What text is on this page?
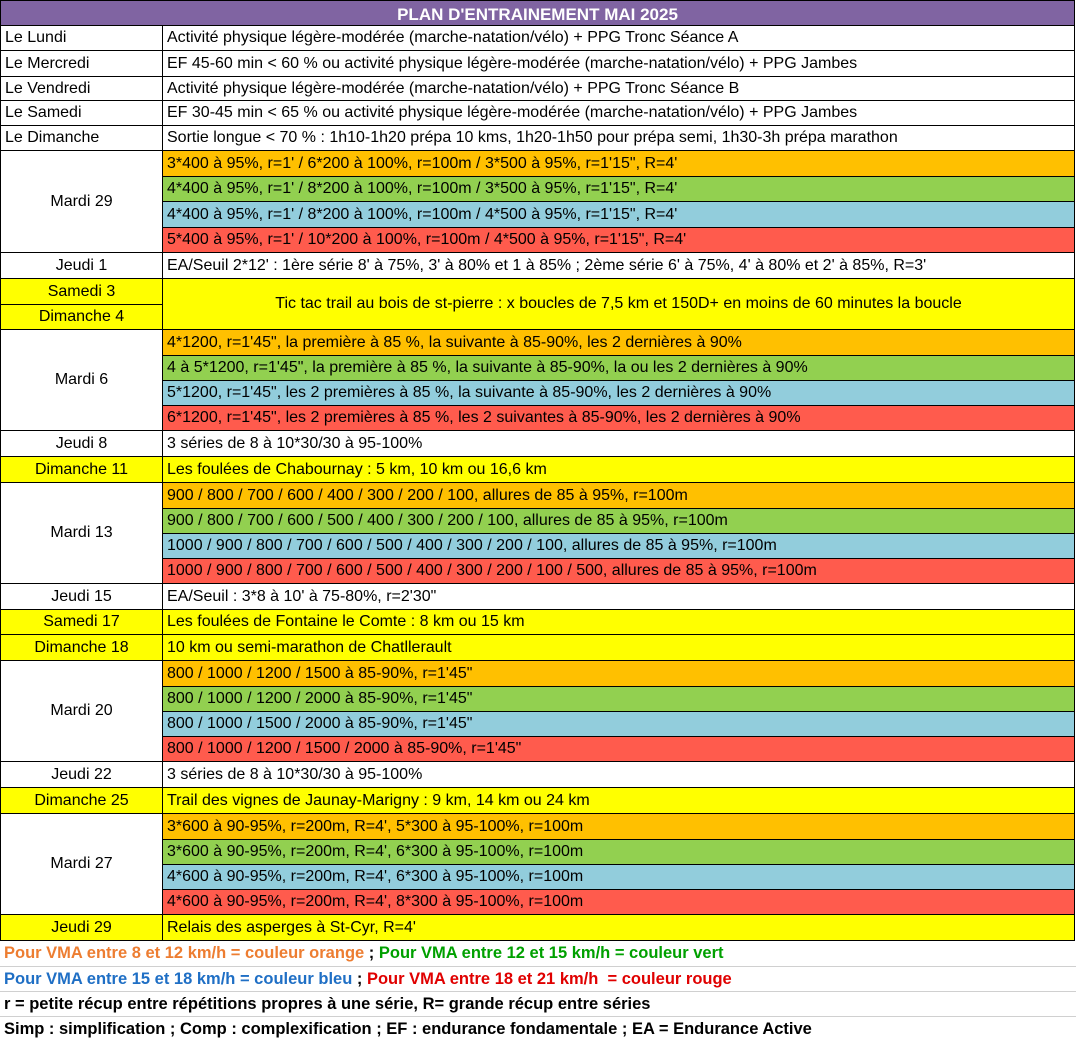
PLAN D'ENTRAINEMENT MAI 2025
Le Lundi	Activité physique légère-modérée (marche-natation/vélo) + PPG Tronc Séance A
Le Mercredi	EF 45-60 min < 60 % ou activité physique légère-modérée (marche-natation/vélo) + PPG Jambes
Le Vendredi	Activité physique légère-modérée (marche-natation/vélo) + PPG Tronc Séance B
Le Samedi	EF 30-45 min < 65 % ou activité physique légère-modérée (marche-natation/vélo) + PPG Jambes
Le Dimanche	Sortie longue < 70 % : 1h10-1h20 prépa 10 kms, 1h20-1h50 pour prépa semi, 1h30-3h prépa marathon
Mardi 29
3*400 à 95%, r=1' / 6*200 à 100%, r=100m / 3*500 à 95%, r=1'15", R=4'
4*400 à 95%, r=1' / 8*200 à 100%, r=100m / 3*500 à 95%, r=1'15", R=4'
4*400 à 95%, r=1' / 8*200 à 100%, r=100m / 4*500 à 95%, r=1'15", R=4'
5*400 à 95%, r=1' / 10*200 à 100%, r=100m / 4*500 à 95%, r=1'15", R=4'
Jeudi 1	EA/Seuil 2*12' : 1ère série 8' à 75%, 3' à 80% et 1 à 85% ; 2ème série 6' à 75%, 4' à 80% et 2' à 85%, R=3'
Samedi 3
Dimanche 4
Tic tac trail au bois de st-pierre : x boucles de 7,5 km et 150D+ en moins de 60 minutes la boucle
Mardi 6
4*1200, r=1'45", la première à 85 %, la suivante à 85-90%, les 2 dernières à 90%
4 à 5*1200, r=1'45", la première à 85 %, la suivante à 85-90%, la ou les 2 dernières à 90%
5*1200, r=1'45", les 2 premières à 85 %, la suivante à 85-90%, les 2 dernières à 90%
6*1200, r=1'45", les 2 premières à 85 %, les 2 suivantes à 85-90%, les 2 dernières à 90%
Jeudi 8	3 séries de 8 à 10*30/30 à 95-100%
Dimanche 11	Les foulées de Chabournay : 5 km, 10 km ou 16,6 km
Mardi 13
900 / 800 / 700 / 600 / 400 / 300 / 200 / 100, allures de 85 à 95%, r=100m
900 / 800 / 700 / 600 / 500 / 400 / 300 / 200 / 100, allures de 85 à 95%, r=100m
1000 / 900 / 800 / 700 / 600 / 500 / 400 / 300 / 200 / 100, allures de 85 à 95%, r=100m
1000 / 900 / 800 / 700 / 600 / 500 / 400 / 300 / 200 / 100 / 500, allures de 85 à 95%, r=100m
Jeudi 15	EA/Seuil : 3*8 à 10' à 75-80%, r=2'30"
Samedi 17	Les foulées de Fontaine le Comte : 8 km ou 15 km
Dimanche 18	10 km ou semi-marathon de Chatllerault
Mardi 20
800 / 1000 / 1200 / 1500 à 85-90%, r=1'45"
800 / 1000 / 1200 / 2000 à 85-90%, r=1'45"
800 / 1000 / 1500 / 2000 à 85-90%, r=1'45"
800 / 1000 / 1200 / 1500 / 2000 à 85-90%, r=1'45"
Jeudi 22	3 séries de 8 à 10*30/30 à 95-100%
Dimanche 25	Trail des vignes de Jaunay-Marigny : 9 km, 14 km ou 24 km
Mardi 27
3*600 à 90-95%, r=200m, R=4', 5*300 à 95-100%, r=100m
3*600 à 90-95%, r=200m, R=4', 6*300 à 95-100%, r=100m
4*600 à 90-95%, r=200m, R=4', 6*300 à 95-100%, r=100m
4*600 à 90-95%, r=200m, R=4', 8*300 à 95-100%, r=100m
Jeudi 29	Relais des asperges à St-Cyr, R=4'
Pour VMA entre 8 et 12 km/h = couleur orange ; Pour VMA entre 12 et 15 km/h = couleur vert
Pour VMA entre 15 et 18 km/h = couleur bleu ; Pour VMA entre 18 et 21 km/h  = couleur rouge
r = petite récup entre répétitions propres à une série, R= grande récup entre séries
Simp : simplification ; Comp : complexification ; EF : endurance fondamentale ; EA = Endurance Active
